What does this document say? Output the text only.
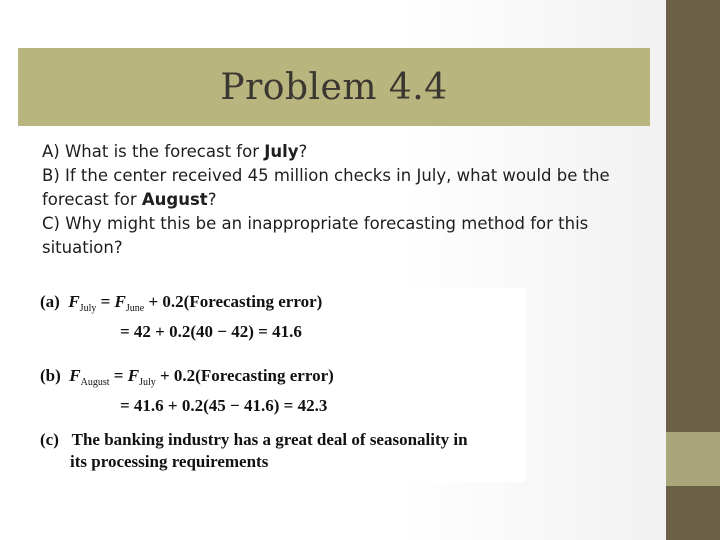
Problem 4.4

A) What is the forecast for July?

B) If the center received 45 million checks in July, what would be the forecast for August?

C) Why might this be an inappropriate forecasting method for this situation?

(a) $F_{July} = F_{June}$ + 0.2(Forecasting error)
= 42 + 0.2(40 − 42) = 41.6
(b) $F_{August} = F_{July}$ + 0.2(Forecasting error)
= 41.6 + 0.2(45 − 41.6) = 42.3
(c) The banking industry has a great deal of seasonality in
its processing requirements
